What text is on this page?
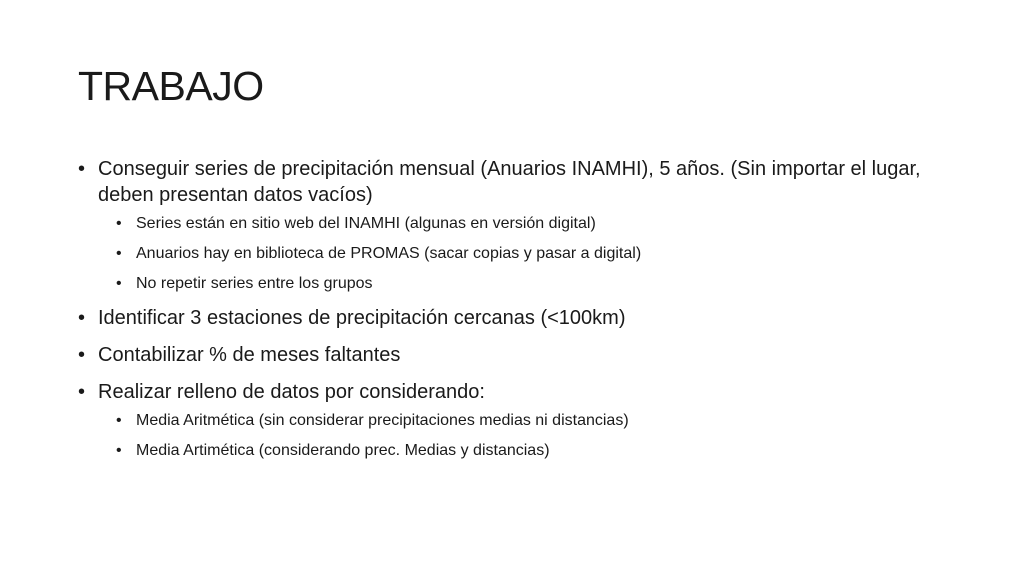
TRABAJO
• Conseguir series de precipitación mensual (Anuarios INAMHI), 5 años. (Sin importar el lugar, deben presentan datos vacíos)
• Series están en sitio web del INAMHI (algunas en versión digital)
• Anuarios hay en biblioteca de PROMAS (sacar copias y pasar a digital)
• No repetir series entre los grupos
• Identificar 3 estaciones de precipitación cercanas (<100km)
• Contabilizar % de meses faltantes
• Realizar relleno de datos por considerando:
• Media Aritmética (sin considerar precipitaciones medias ni distancias)
• Media Artimética (considerando prec. Medias y distancias)
